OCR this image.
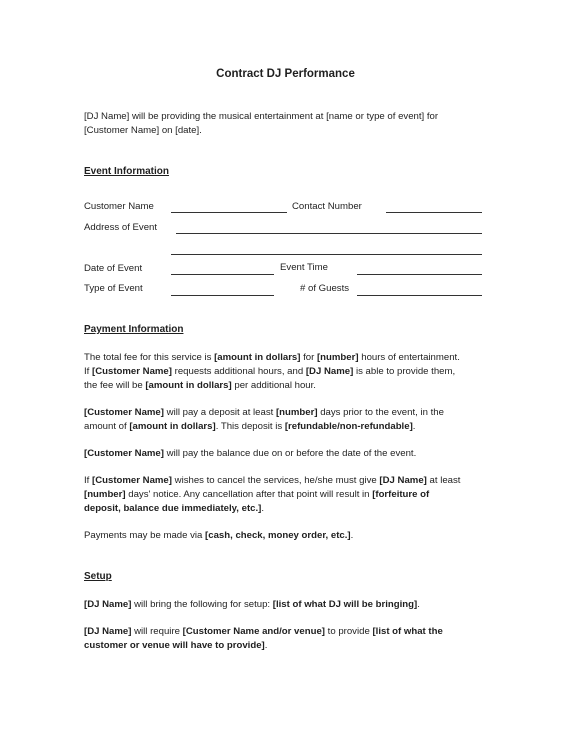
Contract DJ Performance
[DJ Name] will be providing the musical entertainment at [name or type of event] for
[Customer Name] on [date].
Event Information
Customer Name	Contact Number
Address of Event
Date of Event	Event Time
Type of Event	# of Guests
Payment Information
The total fee for this service is [amount in dollars] for [number] hours of entertainment.
If [Customer Name] requests additional hours, and [DJ Name] is able to provide them,
the fee will be [amount in dollars] per additional hour.
[Customer Name] will pay a deposit at least [number] days prior to the event, in the
amount of [amount in dollars]. This deposit is [refundable/non-refundable].
[Customer Name] will pay the balance due on or before the date of the event.
If [Customer Name] wishes to cancel the services, he/she must give [DJ Name] at least
[number] days' notice. Any cancellation after that point will result in [forfeiture of
deposit, balance due immediately, etc.].
Payments may be made via [cash, check, money order, etc.].
Setup
[DJ Name] will bring the following for setup: [list of what DJ will be bringing].
[DJ Name] will require [Customer Name and/or venue] to provide [list of what the
customer or venue will have to provide].
